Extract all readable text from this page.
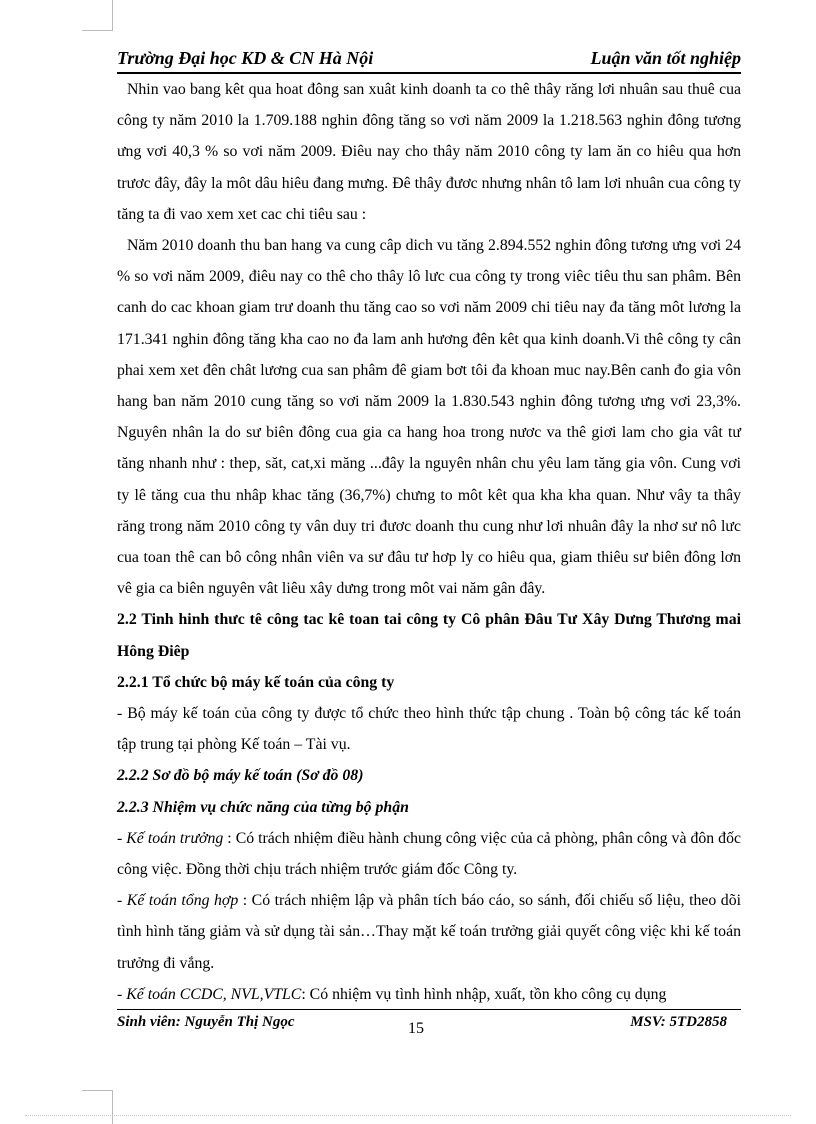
Trường Đại học KD & CN Hà Nội	Luận văn tốt nghiệp

Nhin vao bang kêt qua hoat đông san xuât kinh doanh ta co thê thây răng lơi nhuân sau thuê cua công ty năm 2010 la 1.709.188 nghin đông tăng so vơi năm 2009 la 1.218.563 nghin đông tương ưng vơi 40,3 % so vơi năm 2009. Điêu nay cho thây năm 2010 công ty lam ăn co hiêu qua hơn trươc đây, đây la môt dâu hiêu đang mưng. Đê thây đươc nhưng nhân tô lam lơi nhuân cua công ty tăng ta đi vao xem xet cac chi tiêu sau :

Năm 2010 doanh thu ban hang va cung câp dich vu tăng 2.894.552 nghin đông tương ưng vơi 24 % so vơi năm 2009, điêu nay co thê cho thây lô lưc cua công ty trong viêc tiêu thu san phâm. Bên canh do cac khoan giam trư doanh thu tăng cao so vơi năm 2009 chi tiêu nay đa tăng môt lương la 171.341 nghin đông tăng kha cao no đa lam anh hương đên kêt qua kinh doanh.Vi thê công ty cân phai xem xet đên chât lương cua san phâm đê giam bơt tôi đa khoan muc nay.Bên canh đo gia vôn hang ban năm 2010 cung tăng so vơi năm 2009 la 1.830.543 nghin đông tương ưng vơi 23,3%. Nguyên nhân la do sư biên đông cua gia ca hang hoa trong nươc va thê giơi lam cho gia vât tư tăng nhanh như : thep, săt, cat,xi măng ...đây la nguyên nhân chu yêu lam tăng gia vôn. Cung vơi ty lê tăng cua thu nhâp khac tăng (36,7%) chưng to môt kêt qua kha kha quan. Như vây ta thây răng trong năm 2010 công ty vân duy tri đươc doanh thu cung như lơi nhuân đây la nhơ sư nô lưc cua toan thê can bô công nhân viên va sư đâu tư hơp ly co hiêu qua, giam thiêu sư biên đông lơn vê gia ca biên nguyên vât liêu xây dưng trong môt vai năm gân đây.

2.2 Tinh hinh thưc tê công tac kê toan tai công ty Cô phân Đâu Tư Xây Dưng Thương mai Hông Điêp

2.2.1 Tổ chức bộ máy kế toán của công ty

- Bộ máy kế toán của công ty được tổ chức theo hình thức tập chung . Toàn bộ công tác kế toán tập trung tại phòng Kế toán – Tài vụ.

2.2.2 Sơ đồ bộ máy kế toán (Sơ đồ 08)

2.2.3 Nhiệm vụ chức năng của từng bộ phận

- Kế toán trưởng : Có trách nhiệm điều hành chung công việc của cả phòng, phân công và đôn đốc công việc. Đồng thời chịu trách nhiệm trước giám đốc Công ty.

- Kế toán tổng hợp : Có trách nhiệm lập và phân tích báo cáo, so sánh, đối chiếu số liệu, theo dõi tình hình tăng giảm và sử dụng tài sản…Thay mặt kế toán trưởng giải quyết công việc khi kế toán trưởng đi vắng.

- Kế toán CCDC, NVL,VTLC: Có nhiệm vụ tình hình nhập, xuất, tồn kho công cụ dụng

Sinh viên: Nguyễn Thị Ngọc	15	MSV: 5TD2858
